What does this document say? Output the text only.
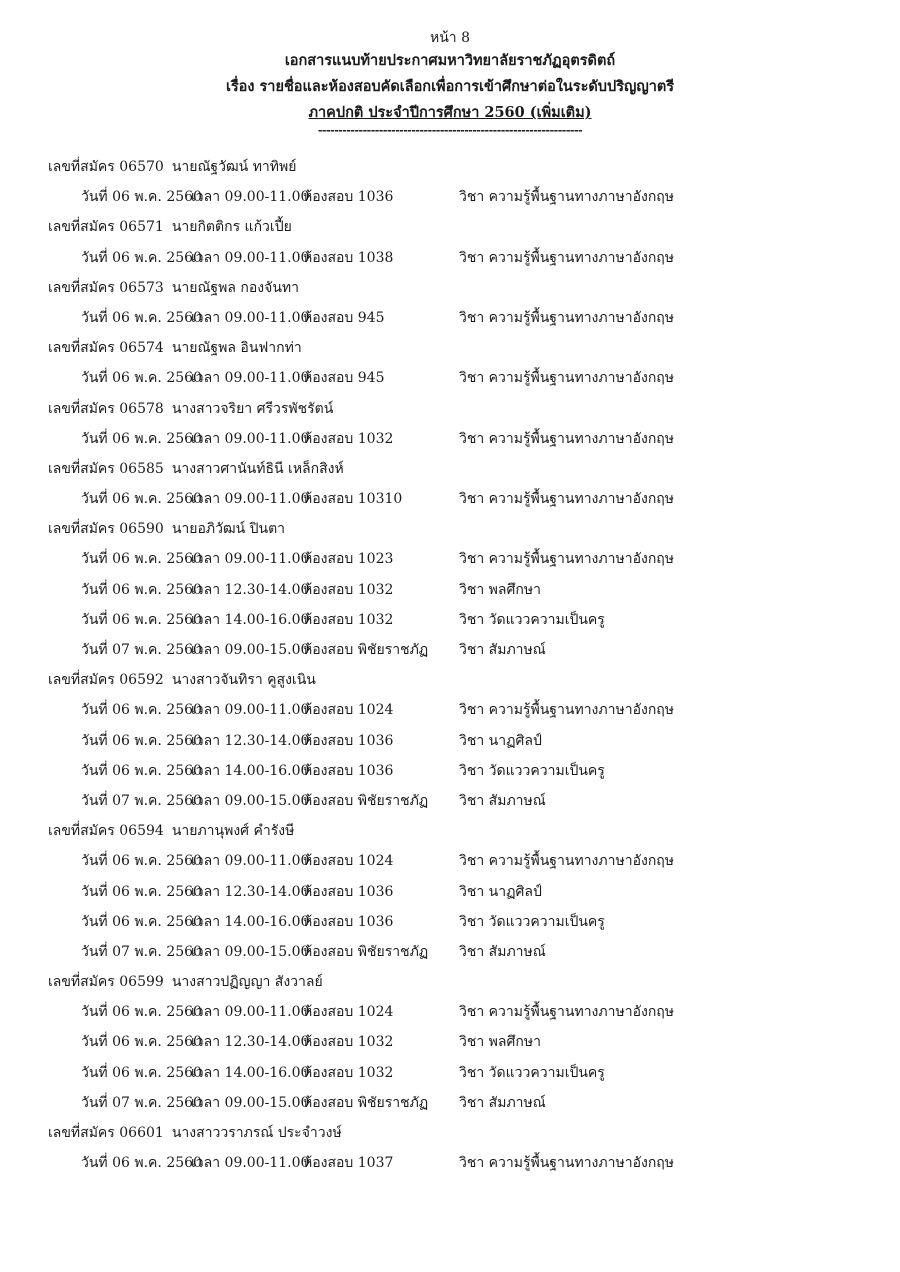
หน้า 8
เอกสารแนบท้ายประกาศมหาวิทยาลัยราชภัฏอุตรดิตถ์
เรื่อง รายชื่อและห้องสอบคัดเลือกเพื่อการเข้าศึกษาต่อในระดับปริญญาตรี
ภาคปกติ ประจำปีการศึกษา 2560 (เพิ่มเติม)
-----------------------------------------------------------------
เลขที่สมัคร 06570 นายณัฐวัฒน์ ทาทิพย์
วันที่ 06 พ.ค. 2560เวลา 09.00-11.00ห้องสอบ 1036	วิชา ความรู้พื้นฐานทางภาษาอังกฤษ
เลขที่สมัคร 06571 นายกิตติกร แก้วเปี้ย
วันที่ 06 พ.ค. 2560เวลา 09.00-11.00ห้องสอบ 1038	วิชา ความรู้พื้นฐานทางภาษาอังกฤษ
เลขที่สมัคร 06573 นายณัฐพล กองจันทา
วันที่ 06 พ.ค. 2560เวลา 09.00-11.00ห้องสอบ 945	วิชา ความรู้พื้นฐานทางภาษาอังกฤษ
เลขที่สมัคร 06574 นายณัฐพล อินฟากท่า
วันที่ 06 พ.ค. 2560เวลา 09.00-11.00ห้องสอบ 945	วิชา ความรู้พื้นฐานทางภาษาอังกฤษ
เลขที่สมัคร 06578 นางสาวจริยา ศรีวรพัชรัตน์
วันที่ 06 พ.ค. 2560เวลา 09.00-11.00ห้องสอบ 1032	วิชา ความรู้พื้นฐานทางภาษาอังกฤษ
เลขที่สมัคร 06585 นางสาวศานันท์ธินี เหล็กสิงห์
วันที่ 06 พ.ค. 2560เวลา 09.00-11.00ห้องสอบ 10310	วิชา ความรู้พื้นฐานทางภาษาอังกฤษ
เลขที่สมัคร 06590 นายอภิวัฒน์ ปินตา
วันที่ 06 พ.ค. 2560เวลา 09.00-11.00ห้องสอบ 1023	วิชา ความรู้พื้นฐานทางภาษาอังกฤษ
วันที่ 06 พ.ค. 2560เวลา 12.30-14.00ห้องสอบ 1032	วิชา พลศึกษา
วันที่ 06 พ.ค. 2560เวลา 14.00-16.00ห้องสอบ 1032	วิชา วัดแววความเป็นครู
วันที่ 07 พ.ค. 2560เวลา 09.00-15.00ห้องสอบ พิชัยราชภัฏ วิชา สัมภาษณ์
เลขที่สมัคร 06592 นางสาวจันทิรา คูสูงเนิน
วันที่ 06 พ.ค. 2560เวลา 09.00-11.00ห้องสอบ 1024	วิชา ความรู้พื้นฐานทางภาษาอังกฤษ
วันที่ 06 พ.ค. 2560เวลา 12.30-14.00ห้องสอบ 1036	วิชา นาฏศิลป์
วันที่ 06 พ.ค. 2560เวลา 14.00-16.00ห้องสอบ 1036	วิชา วัดแววความเป็นครู
วันที่ 07 พ.ค. 2560เวลา 09.00-15.00ห้องสอบ พิชัยราชภัฏ วิชา สัมภาษณ์
เลขที่สมัคร 06594 นายภานุพงศ์ คำรังษี
วันที่ 06 พ.ค. 2560เวลา 09.00-11.00ห้องสอบ 1024	วิชา ความรู้พื้นฐานทางภาษาอังกฤษ
วันที่ 06 พ.ค. 2560เวลา 12.30-14.00ห้องสอบ 1036	วิชา นาฏศิลป์
วันที่ 06 พ.ค. 2560เวลา 14.00-16.00ห้องสอบ 1036	วิชา วัดแววความเป็นครู
วันที่ 07 พ.ค. 2560เวลา 09.00-15.00ห้องสอบ พิชัยราชภัฏ วิชา สัมภาษณ์
เลขที่สมัคร 06599 นางสาวปฏิญญา สังวาลย์
วันที่ 06 พ.ค. 2560เวลา 09.00-11.00ห้องสอบ 1024	วิชา ความรู้พื้นฐานทางภาษาอังกฤษ
วันที่ 06 พ.ค. 2560เวลา 12.30-14.00ห้องสอบ 1032	วิชา พลศึกษา
วันที่ 06 พ.ค. 2560เวลา 14.00-16.00ห้องสอบ 1032	วิชา วัดแววความเป็นครู
วันที่ 07 พ.ค. 2560เวลา 09.00-15.00ห้องสอบ พิชัยราชภัฏ วิชา สัมภาษณ์
เลขที่สมัคร 06601 นางสาววราภรณ์ ประจำวงษ์
วันที่ 06 พ.ค. 2560เวลา 09.00-11.00ห้องสอบ 1037	วิชา ความรู้พื้นฐานทางภาษาอังกฤษ
